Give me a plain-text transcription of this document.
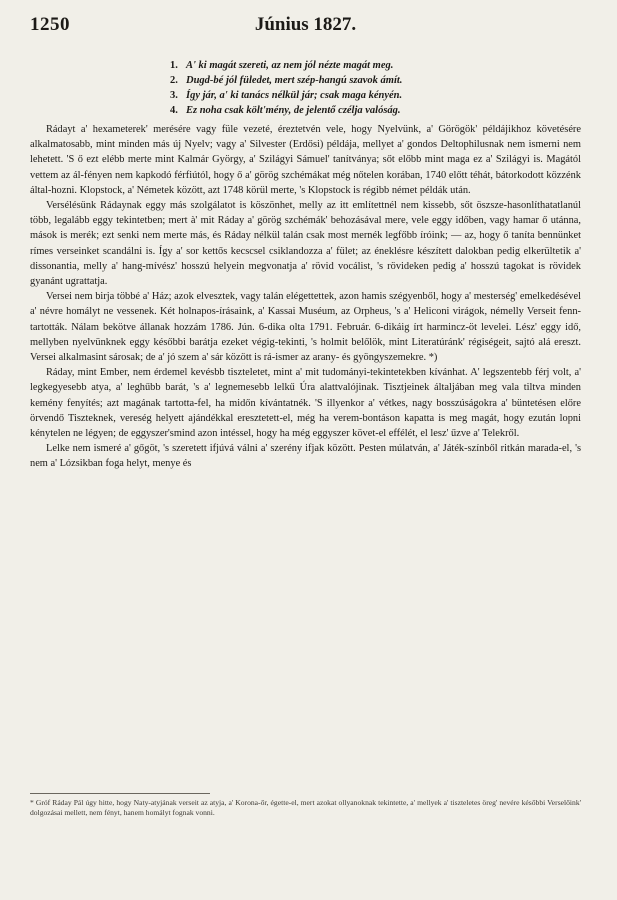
1250	Június 1827.
1. A' ki magát szereti, az nem jól nézte magát meg.
2. Dugd-bé jól füledet, mert szép-hangú szavok ámít.
3. Így jár, a' ki tanács nélkül jár; csak maga kényén.
4. Ez noha csak költ'mény, de jelentő czélja valóság.

Rádayt a' hexameterek' merésére vagy füle vezeté, éreztetvén vele, hogy Nyelvünk, a' Görögök' példájikhoz követésére alkalmatosabb, mint minden más új Nyelv; vagy a' Silvester (Erdősi) példája, mellyet a' gondos Deltophilusnak nem ismerni nem lehetett. 'S ő ezt elébb merte mint Kalmár György, a' Szilágyi Sámuel' tanítványa; sőt előbb mint maga ez a' Szilágyi is. Magától vettem az ál-fényen nem kapkodó férfiútól, hogy ő a' görög szchémákat még nőtelen korában, 1740 előtt téhát, bátorkodott közzénk által-hozni. Klopstock, a' Németek között, azt 1748 körül merte, 's Klopstock is régibb német példák után.

Versélésünk Rádaynak eggy más szolgálatot is köszönhet, melly az itt említettnél nem kissebb, sőt öszsze-hasonlíthatatlanúl több, legalább eggy tekintetben; mert à' mit Ráday a' görög szchémák' behozásával mere, vele eggy időben, vagy hamar ő utánna, mások is merék; ezt senki nem merte más, és Ráday nélkül talán csak most mernék legfőbb íróink; — az, hogy ő taníta bennünket rímes verseinket scandálni is. Így a' sor kettős kecscsel csiklandozza a' fület; az éneklésre készített dalokban pedig elkerültetik a' dissonantia, melly a' hang-mívész' hosszú helyein megvonatja a' rövid vocálist, 's rövideken pedig a' hosszú tagokat is rövidek gyanánt ugrattatja.

Versei nem birja többé a' Ház; azok elvesztek, vagy talán elégettettek, azon hamis szégyenből, hogy a' mesterség' emelkedésével a' névre homályt ne vessenek. Két holnapos-írásaink, a' Kassai Muséum, az Orpheus, 's a' Heliconi virágok, némelly Verseit fenn-tartották. Nálam bekötve állanak hozzám 1786. Jún. 6-dika olta 1791. Február. 6-dikáig írt harmincz-öt levelei. Lész' eggy idő, mellyben nyelvünknek eggy későbbi barátja ezeket végig-tekinti, 's holmit belőlök, mint Literatúránk' régiségeit, sajtó alá ereszt. Versei alkalmasint sárosak; de a' jó szem a' sár között is rá-ismer az arany- és gyöngyszemekre. *)

Ráday, mint Ember, nem érdemel kevésbb tiszteletet, mint a' mit tudományi-tekintetekben kívánhat. A' legszentebb férj volt, a' legkegyesebb atya, a' leghűbb barát, 's a' legnemesebb lelkű Úra alattvalójinak. Tisztjeinek általjában meg vala tiltva minden kemény fenyítés; azt magának tartotta-fel, ha midőn kívántatnék. 'S illyenkor a' vétkes, nagy bosszúságokra a' büntetésen előre örvendő Tiszteknek, vereség helyett ajándékkal eresztetett-el, még ha verem-bontáson kapatta is meg magát, hogy ezután lopni kénytelen ne légyen; de eggyszer'smind azon intéssel, hogy ha még eggyszer követ-el effélét, el lesz' űzve a' Telekről.

Lelke nem ismeré a' gőgöt, 's szeretett ifjúvá válni a' szerény ifjak között. Pesten múlatván, a' Játék-színből ritkán marada-el, 's nem a' Lózsikban foga helyt, menye és

* Gróf Ráday Pál úgy hitte, hogy Naty-atyjának verseit az atyja, a' Korona-őr, égette-el, mert azokat ollyanoknak tekintette, a' mellyek a' tiszteletes öreg' nevére későbbi Verselőink' dolgozásai mellett, nem fényt, hanem homályt fognak vonni.
